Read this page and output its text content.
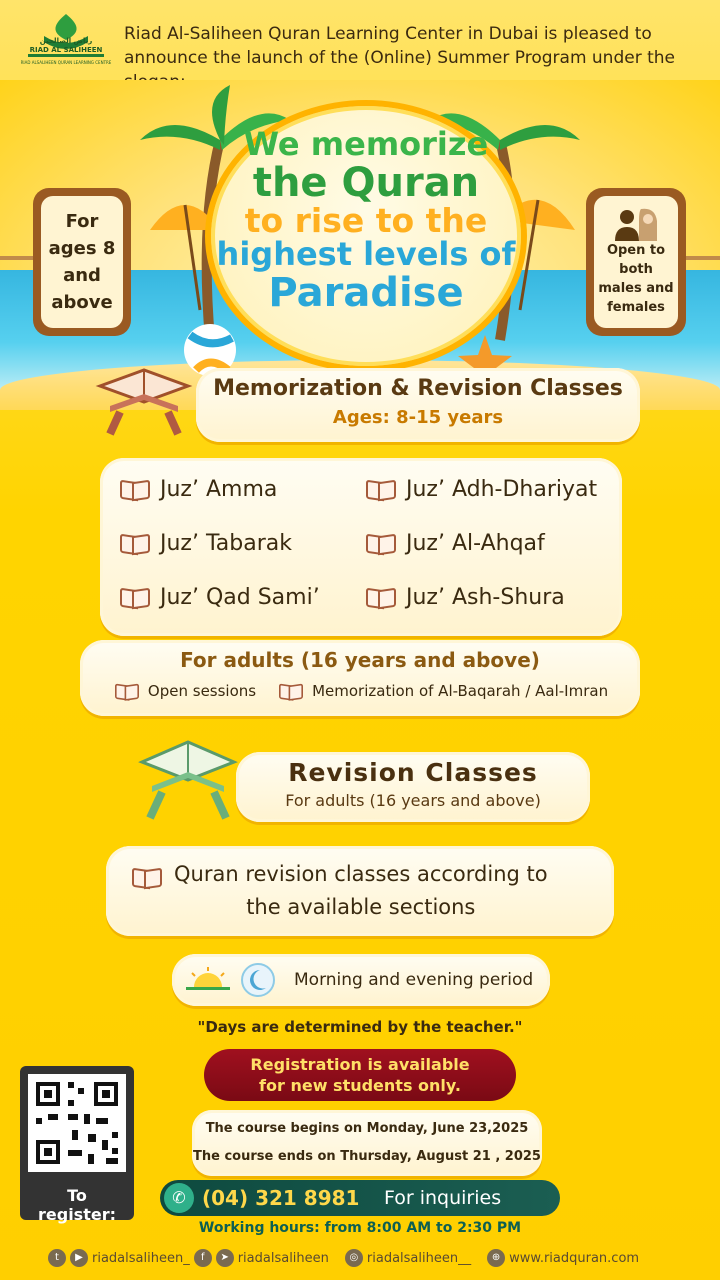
رياض الصالحين
RIAD AL SALIHEEN
RIAD ALSALIHEEN QURAN LEARNING CENTRE
Riad Al-Saliheen Quran Learning Center in Dubai is pleased to announce the launch of the (Online) Summer Program under the
We memorize
the Quran
to rise to the
highest levels of
Paradise
For
ages 8
and
above
Open to
both
males and
females
Memorization & Revision Classes
Ages: 8-15 years
Juz’ Amma	Juz’ Adh-Dhariyat
Juz’ Tabarak	Juz’ Al-Ahqaf
Juz’ Qad Sami’	Juz’ Ash-Shura
For adults (16 years and above)
Open sessions	Memorization of Al-Baqarah / Aal-Imran
Revision Classes
For adults (16 years and above)
Quran revision classes according to
the available sections
Morning and evening period
"Days are determined by the teacher."
Registration is available
for new students only.
The course begins on Monday, June 23,2025
The course ends on Thursday, August 21 , 2025
To register:
✆ (04) 321 8981	For inquiries
Working hours: from 8:00 AM to 2:30 PM
t	▶ riadalsaliheen_	f	➤ riadalsaliheen	◎ riadalsaliheen__	⊕ www.riadquran.com
